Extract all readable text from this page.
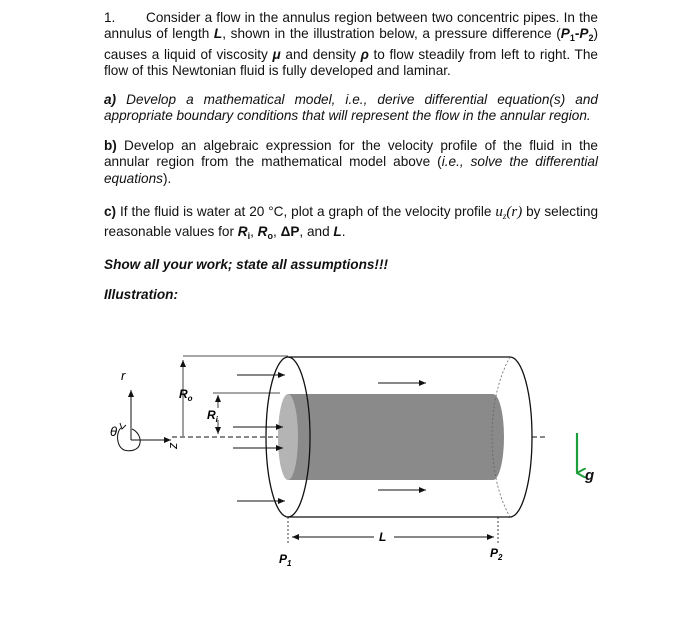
1. Consider a flow in the annulus region between two concentric pipes. In the annulus of length L, shown in the illustration below, a pressure difference $(P_1-P_2)$ causes a liquid of viscosity μ and density ρ to flow steadily from left to right. The flow of this Newtonian fluid is fully developed and laminar.
a) Develop a mathematical model, i.e., derive differential equation(s) and appropriate boundary conditions that will represent the flow in the annular region.
b) Develop an algebraic expression for the velocity profile of the fluid in the annular region from the mathematical model above (i.e., solve the differential equations).
c) If the fluid is water at 20 °C, plot a graph of the velocity profile $u_z(r)$ by selecting reasonable values for $R_i$, $R_o$, ΔP, and L.
Show all your work; state all assumptions!!!
Illustration:
r
z
θ
$R_o$
$R_i$
L
$P_1$
$P_2$
g
